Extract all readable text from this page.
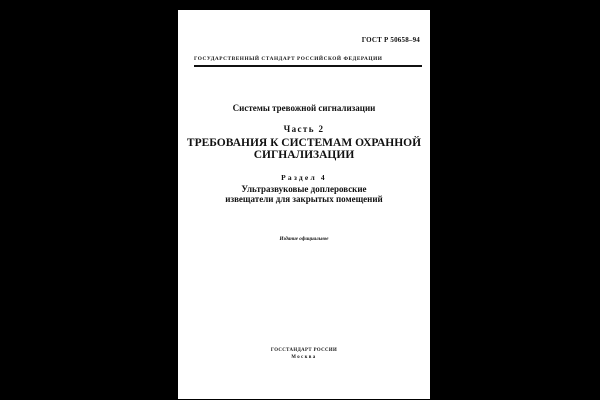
ГОСТ Р 50658–94
ГОСУДАРСТВЕННЫЙ СТАНДАРТ РОССИЙСКОЙ ФЕДЕРАЦИИ
Системы тревожной сигнализации
Часть 2
ТРЕБОВАНИЯ К СИСТЕМАМ ОХРАННОЙ
СИГНАЛИЗАЦИИ
Раздел 4
Ультразвуковые доплеровские
извещатели для закрытых помещений
Издание официальное
ГОССТАНДАРТ РОССИИ
Москва
